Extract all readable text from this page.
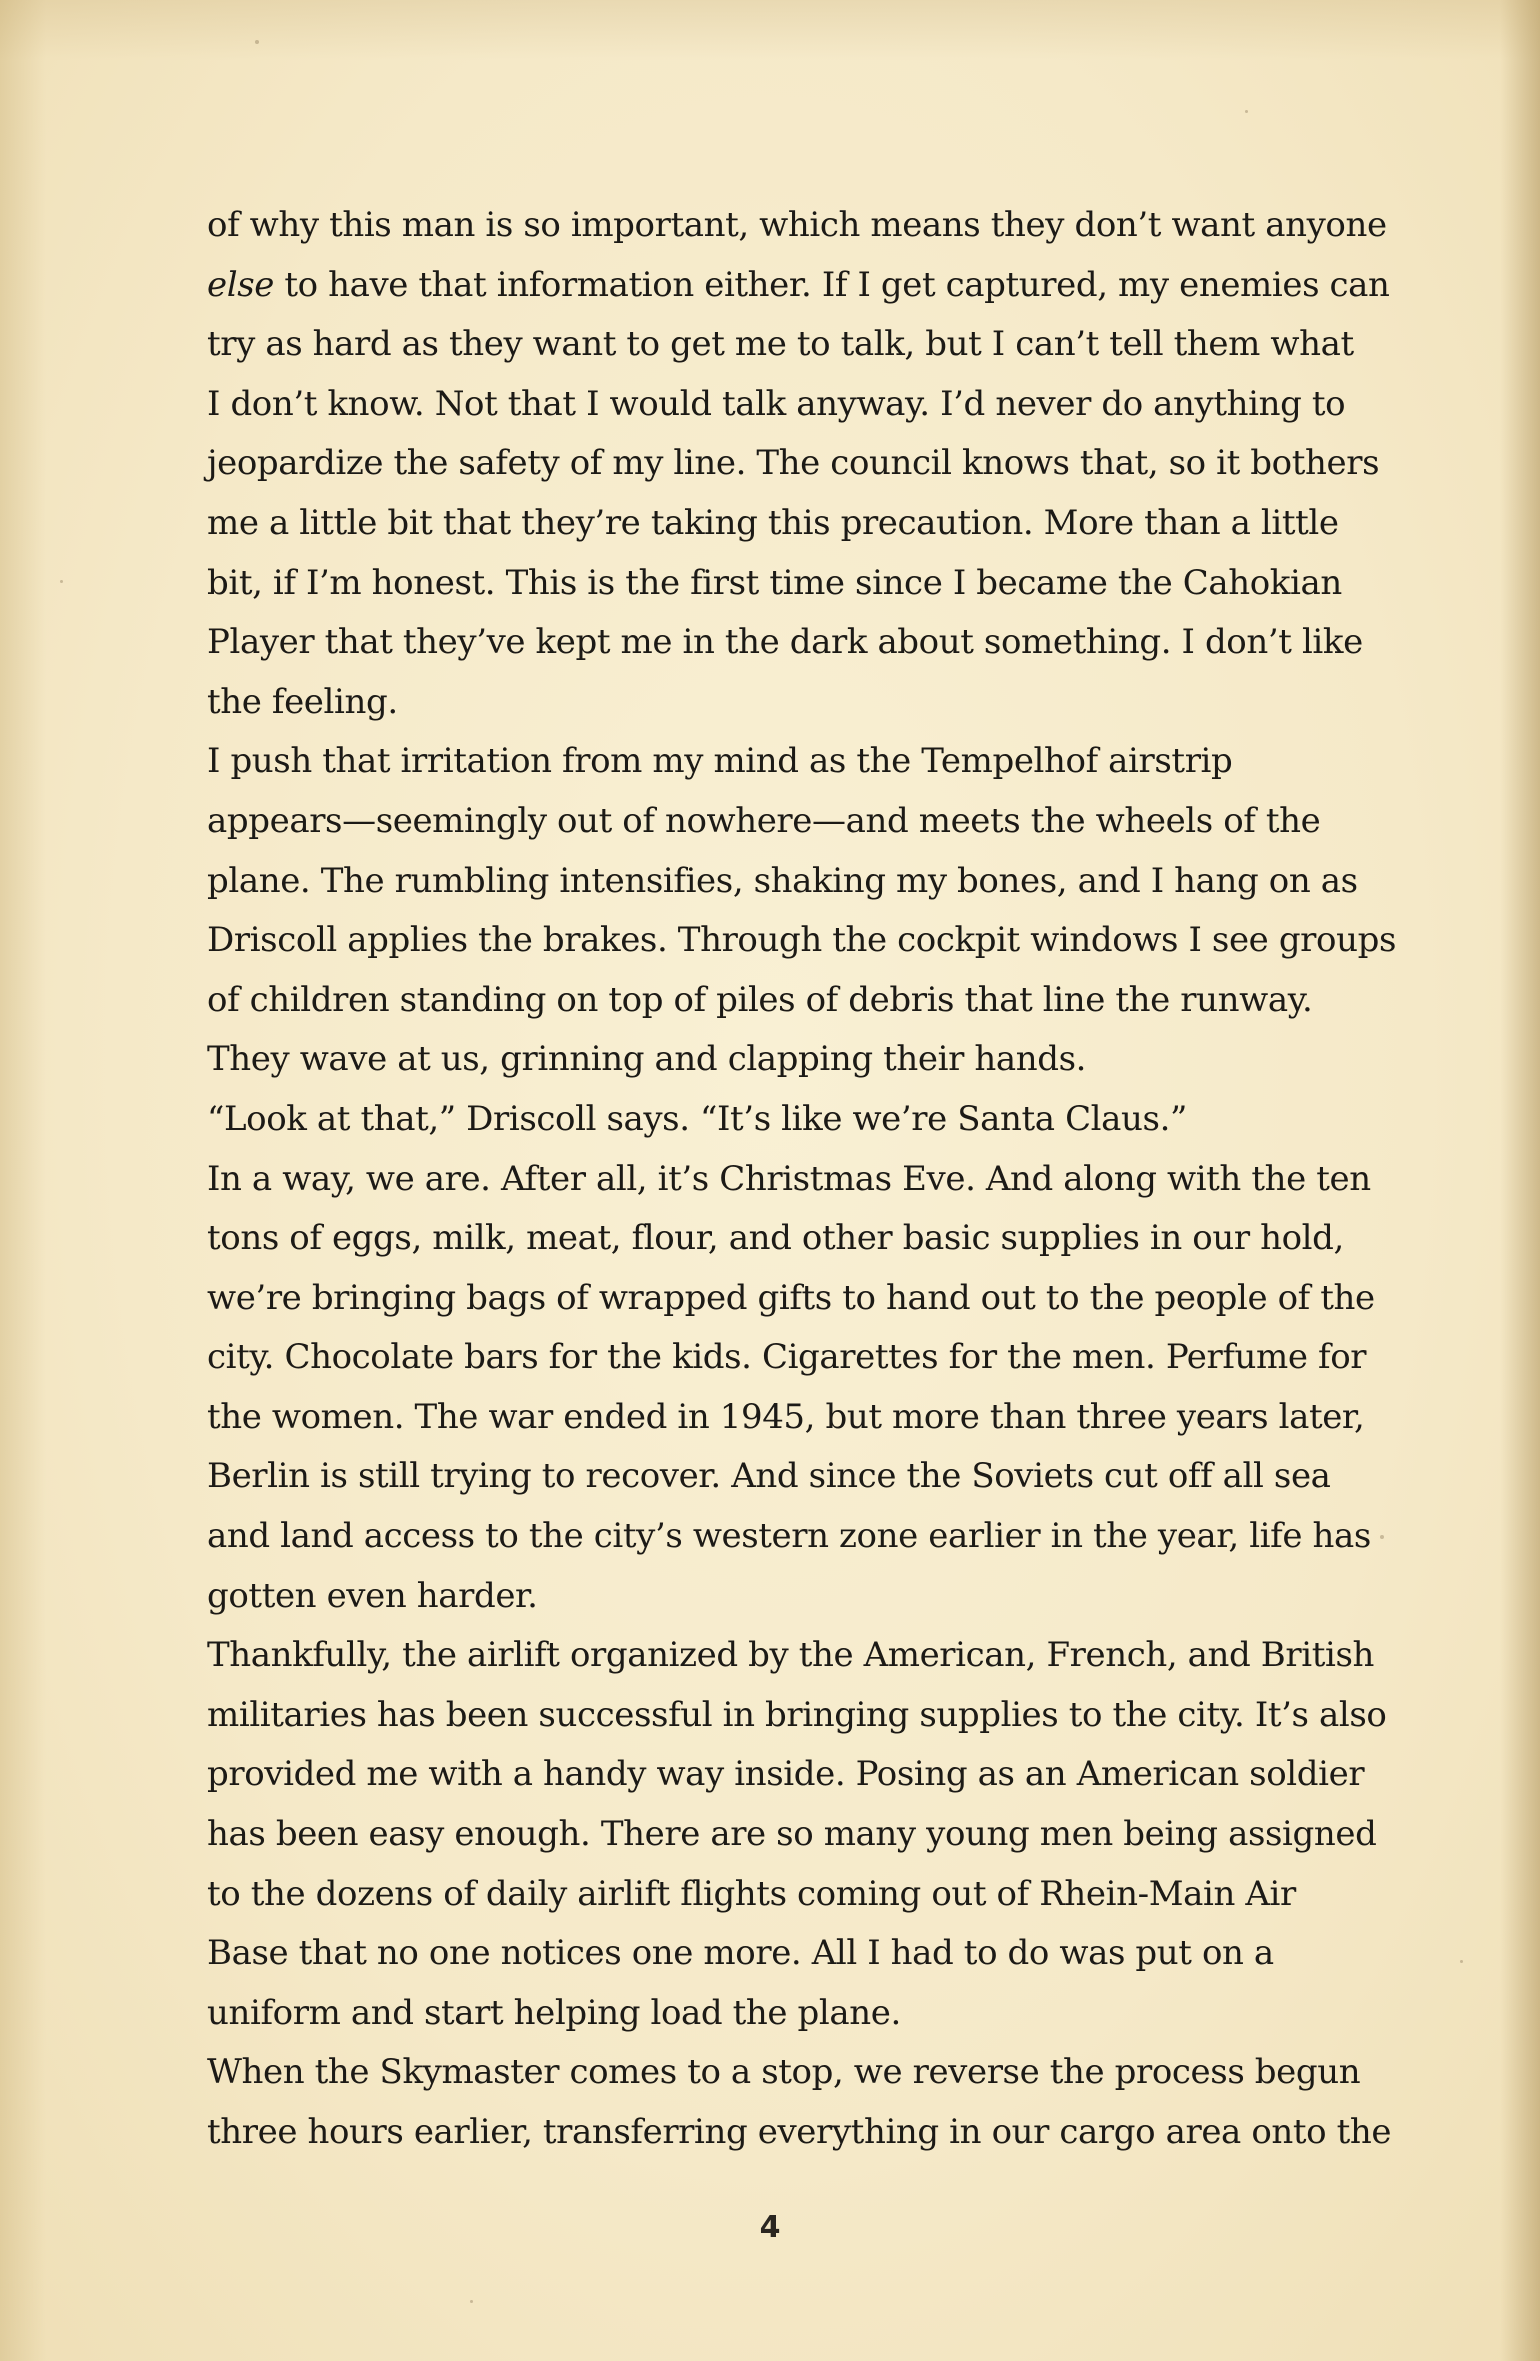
of why this man is so important, which means they don’t want anyone
else to have that information either. If I get captured, my enemies can
try as hard as they want to get me to talk, but I can’t tell them what
I don’t know. Not that I would talk anyway. I’d never do anything to
jeopardize the safety of my line. The council knows that, so it bothers
me a little bit that they’re taking this precaution. More than a little
bit, if I’m honest. This is the first time since I became the Cahokian
Player that they’ve kept me in the dark about something. I don’t like
the feeling.
I push that irritation from my mind as the Tempelhof airstrip
appears—seemingly out of nowhere—and meets the wheels of the
plane. The rumbling intensifies, shaking my bones, and I hang on as
Driscoll applies the brakes. Through the cockpit windows I see groups
of children standing on top of piles of debris that line the runway.
They wave at us, grinning and clapping their hands.
“Look at that,” Driscoll says. “It’s like we’re Santa Claus.”
In a way, we are. After all, it’s Christmas Eve. And along with the ten
tons of eggs, milk, meat, flour, and other basic supplies in our hold,
we’re bringing bags of wrapped gifts to hand out to the people of the
city. Chocolate bars for the kids. Cigarettes for the men. Perfume for
the women. The war ended in 1945, but more than three years later,
Berlin is still trying to recover. And since the Soviets cut off all sea
and land access to the city’s western zone earlier in the year, life has
gotten even harder.
Thankfully, the airlift organized by the American, French, and British
militaries has been successful in bringing supplies to the city. It’s also
provided me with a handy way inside. Posing as an American soldier
has been easy enough. There are so many young men being assigned
to the dozens of daily airlift flights coming out of Rhein-Main Air
Base that no one notices one more. All I had to do was put on a
uniform and start helping load the plane.
When the Skymaster comes to a stop, we reverse the process begun
three hours earlier, transferring everything in our cargo area onto the
4
